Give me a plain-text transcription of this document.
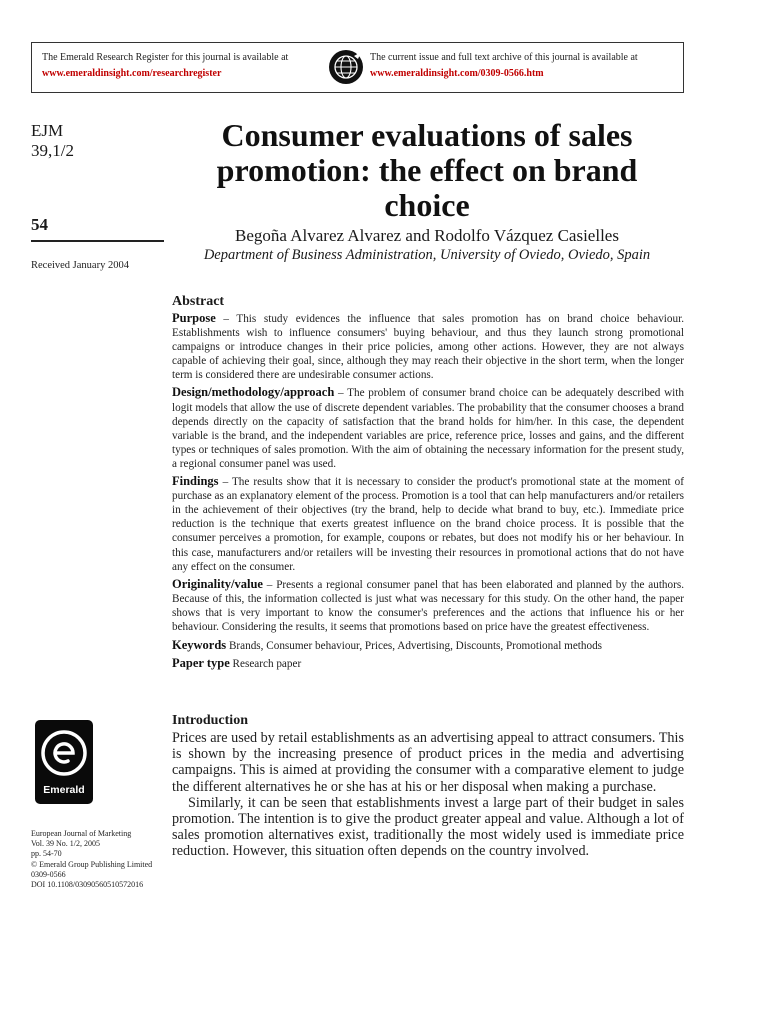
The Emerald Research Register for this journal is available at
www.emeraldinsight.com/researchregister
The current issue and full text archive of this journal is available at
www.emeraldinsight.com/0309-0566.htm
EJM
39,1/2
54
Received January 2004
Consumer evaluations of sales promotion: the effect on brand choice
Begoña Alvarez Alvarez and Rodolfo Vázquez Casielles
Department of Business Administration, University of Oviedo, Oviedo, Spain
Abstract

Purpose – This study evidences the influence that sales promotion has on brand choice behaviour. Establishments wish to influence consumers' buying behaviour, and thus they launch strong promotional campaigns or introduce changes in their price policies, among other actions. However, they are not always capable of achieving their goal, since, although they may reach their objective in the short term, when the longer term is considered there are undesirable consumer actions.

Design/methodology/approach – The problem of consumer brand choice can be adequately described with logit models that allow the use of discrete dependent variables. The probability that the consumer chooses a brand depends directly on the capacity of satisfaction that the brand holds for him/her. In this case, the dependent variable is the brand, and the independent variables are price, reference price, losses and gains, and the different types or techniques of sales promotion. With the aim of obtaining the necessary information for the present study, a regional consumer panel was used.

Findings – The results show that it is necessary to consider the product's promotional state at the moment of purchase as an explanatory element of the process. Promotion is a tool that can help manufacturers and/or retailers in the achievement of their objectives (try the brand, help to decide what brand to buy, etc.). Immediate price reduction is the technique that exerts greatest influence on the brand choice process. It is possible that the consumer perceives a promotion, for example, coupons or rebates, but does not modify his or her behaviour. In this case, manufacturers and/or retailers will be investing their resources in promotional actions that do not have any effect on the consumer.

Originality/value – Presents a regional consumer panel that has been elaborated and planned by the authors. Because of this, the information collected is just what was necessary for this study. On the other hand, the paper shows that is very important to know the consumer's preferences and the actions that influence his or her behaviour. Considering the results, it seems that promotions based on price have the greatest effectiveness.

Keywords Brands, Consumer behaviour, Prices, Advertising, Discounts, Promotional methods
Paper type Research paper
Emerald
European Journal of Marketing
Vol. 39 No. 1/2, 2005
pp. 54-70
© Emerald Group Publishing Limited
0309-0566
DOI 10.1108/03090560510572016
Introduction

Prices are used by retail establishments as an advertising appeal to attract consumers. This is shown by the increasing presence of product prices in the media and advertising campaigns. This is aimed at providing the consumer with a comparative element to judge the different alternatives he or she has at his or her disposal when making a purchase.

Similarly, it can be seen that establishments invest a large part of their budget in sales promotion. The intention is to give the product greater appeal and value. Although a lot of sales promotion alternatives exist, traditionally the most widely used is immediate price reduction. However, this situation often depends on the country involved.
